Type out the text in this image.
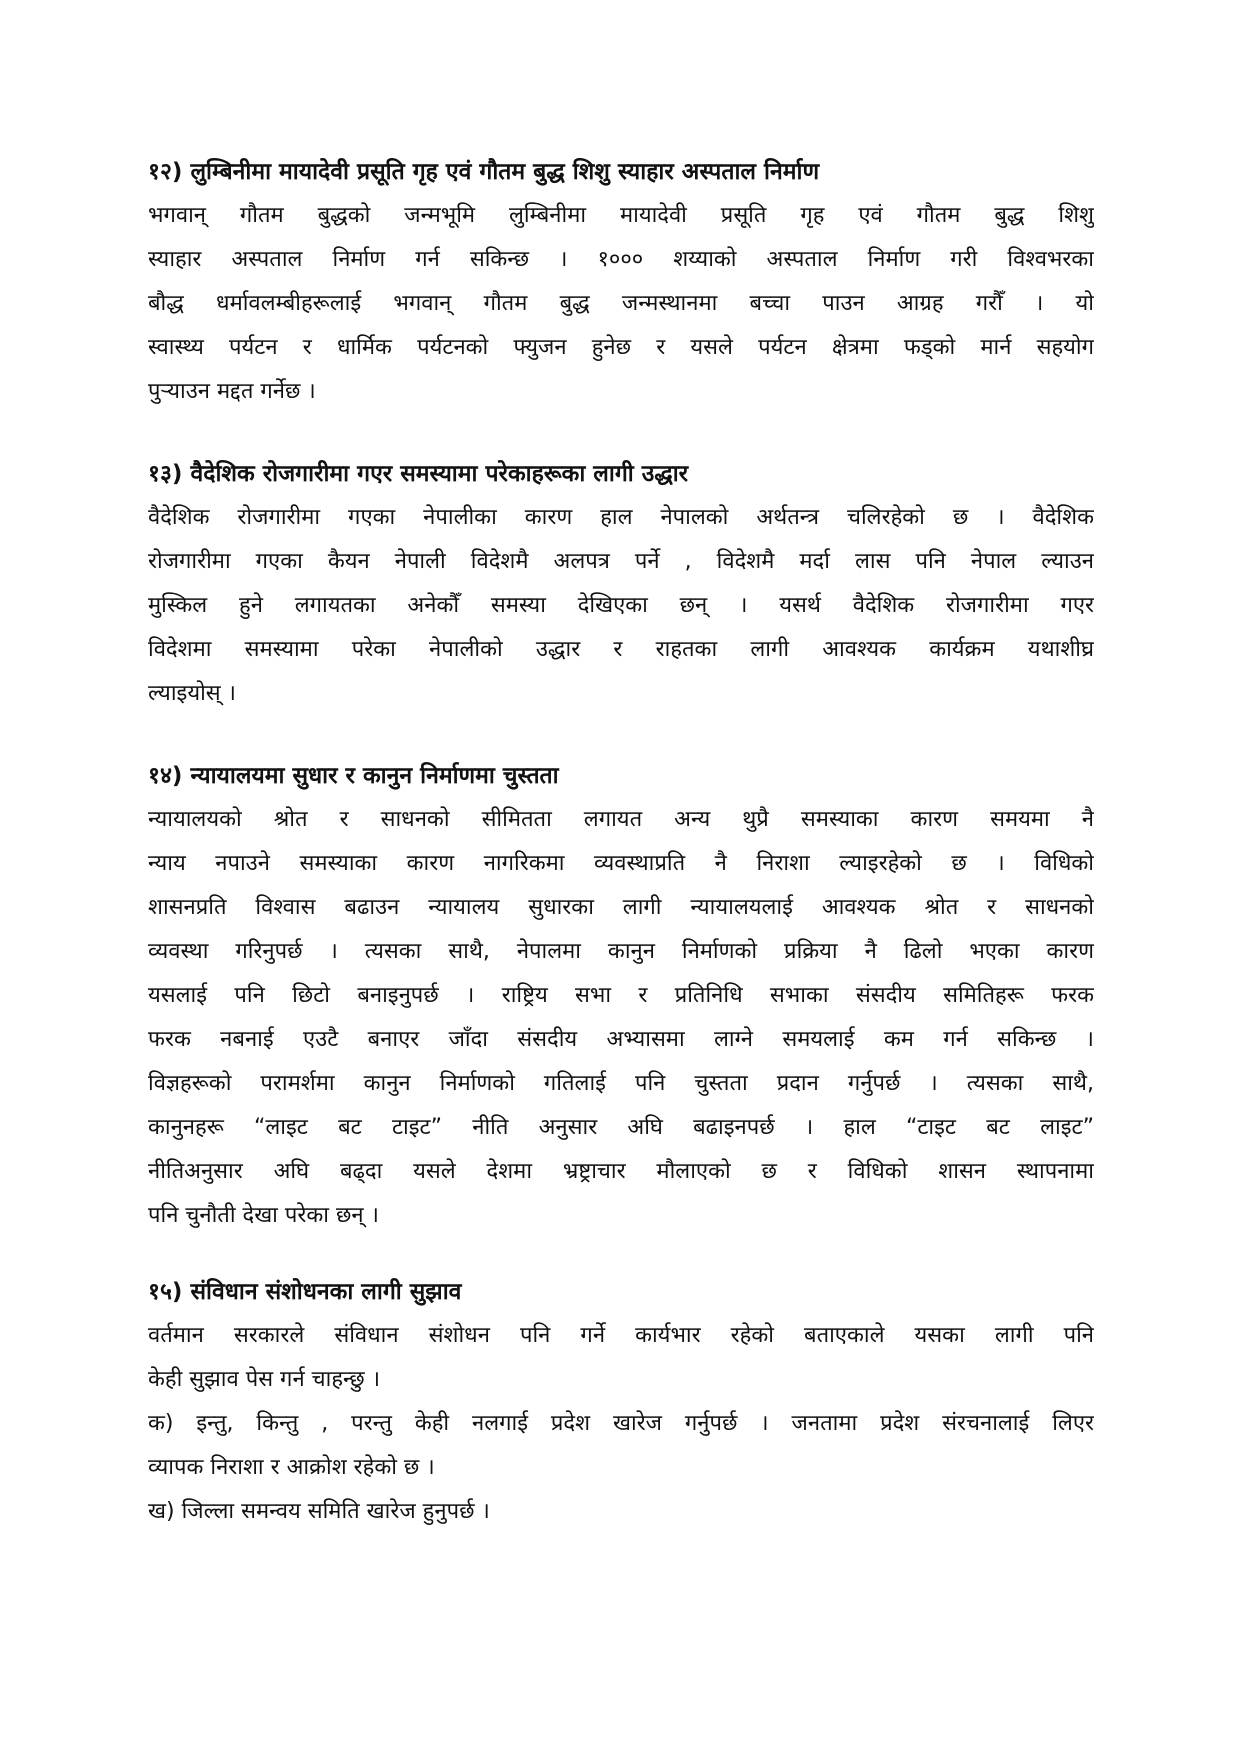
१२) लुम्बिनीमा मायादेवी प्रसूति गृह एवं गौतम बुद्ध शिशु स्याहार अस्पताल निर्माण
भगवान् गौतम बुद्धको जन्मभूमि लुम्बिनीमा मायादेवी प्रसूति गृह एवं गौतम बुद्ध शिशु
स्याहार अस्पताल निर्माण गर्न सकिन्छ । १००० शय्याको अस्पताल निर्माण गरी विश्वभरका
बौद्ध धर्मावलम्बीहरूलाई भगवान् गौतम बुद्ध जन्मस्थानमा बच्चा पाउन आग्रह गरौँ । यो
स्वास्थ्य पर्यटन र धार्मिक पर्यटनको फ्युजन हुनेछ र यसले पर्यटन क्षेत्रमा फड्को मार्न सहयोग
पुऱ्याउन मद्दत गर्नेछ ।
१३) वैदेशिक रोजगारीमा गएर समस्यामा परेकाहरूका लागी उद्धार
वैदेशिक रोजगारीमा गएका नेपालीका कारण हाल नेपालको अर्थतन्त्र चलिरहेको छ । वैदेशिक
रोजगारीमा गएका कैयन नेपाली विदेशमै अलपत्र पर्ने , विदेशमै मर्दा लास पनि नेपाल ल्याउन
मुस्किल हुने लगायतका अनेकौँ समस्या देखिएका छन् । यसर्थ वैदेशिक रोजगारीमा गएर
विदेशमा समस्यामा परेका नेपालीको उद्धार र राहतका लागी आवश्यक कार्यक्रम यथाशीघ्र
ल्याइयोस् ।
१४) न्यायालयमा सुधार र कानुन निर्माणमा चुस्तता
न्यायालयको श्रोत र साधनको सीमितता लगायत अन्य थुप्रै समस्याका कारण समयमा नै
न्याय नपाउने समस्याका कारण नागरिकमा व्यवस्थाप्रति नै निराशा ल्याइरहेको छ । विधिको
शासनप्रति विश्वास बढाउन न्यायालय सुधारका लागी न्यायालयलाई आवश्यक श्रोत र साधनको
व्यवस्था गरिनुपर्छ । त्यसका साथै, नेपालमा कानुन निर्माणको प्रक्रिया नै ढिलो भएका कारण
यसलाई पनि छिटो बनाइनुपर्छ । राष्ट्रिय सभा र प्रतिनिधि सभाका संसदीय समितिहरू फरक
फरक नबनाई एउटै बनाएर जाँदा संसदीय अभ्यासमा लाग्ने समयलाई कम गर्न सकिन्छ ।
विज्ञहरूको परामर्शमा कानुन निर्माणको गतिलाई पनि चुस्तता प्रदान गर्नुपर्छ । त्यसका साथै,
कानुनहरू “लाइट बट टाइट” नीति अनुसार अघि बढाइनपर्छ । हाल “टाइट बट लाइट”
नीतिअनुसार अघि बढ्दा यसले देशमा भ्रष्ट्राचार मौलाएको छ र विधिको शासन स्थापनामा
पनि चुनौती देखा परेका छन् ।
१५) संविधान संशोधनका लागी सुझाव
वर्तमान सरकारले संविधान संशोधन पनि गर्ने कार्यभार रहेको बताएकाले यसका लागी पनि
केही सुझाव पेस गर्न चाहन्छु ।
क) इन्तु, किन्तु , परन्तु केही नलगाई प्रदेश खारेज गर्नुपर्छ । जनतामा प्रदेश संरचनालाई लिएर
व्यापक निराशा र आक्रोश रहेको छ ।
ख) जिल्ला समन्वय समिति खारेज हुनुपर्छ ।
